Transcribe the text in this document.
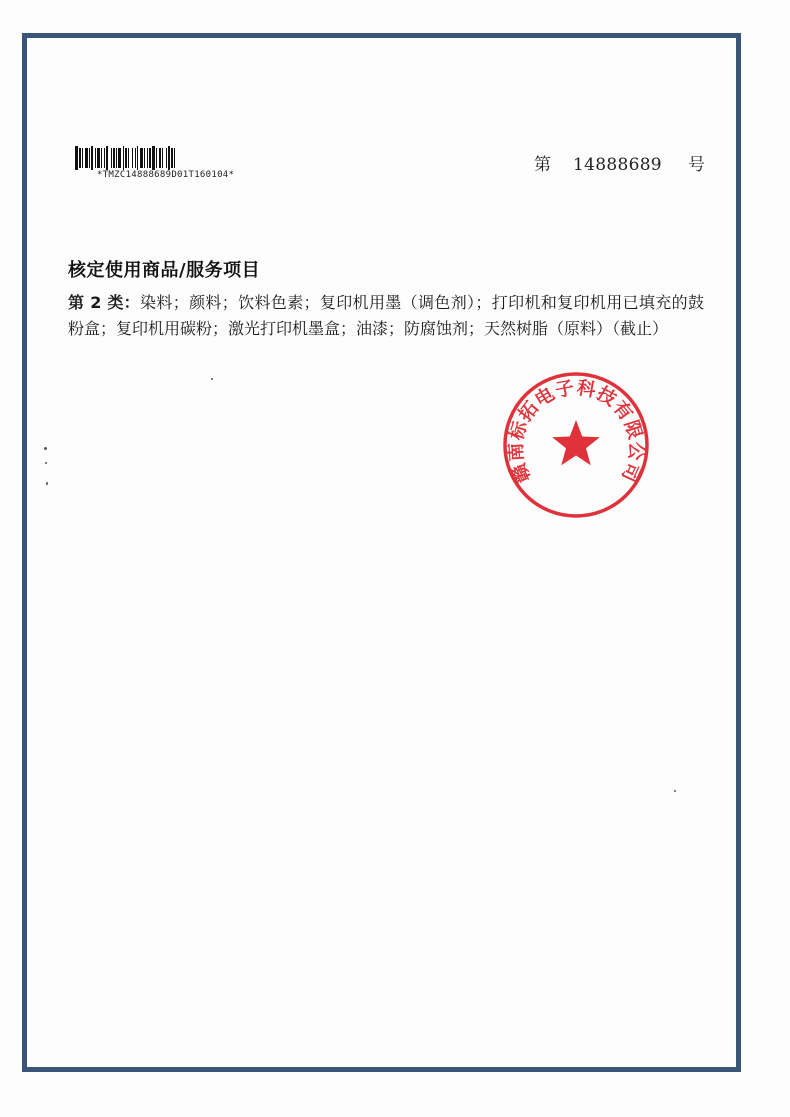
*TMZC14888689D01T160104*	第 14888689 号
核定使用商品/服务项目
第 2 类：染料；颜料；饮料色素；复印机用墨（调色剂）；打印机和复印机用已填充的鼓粉盒；复印机用碳粉；激光打印机墨盒；油漆；防腐蚀剂；天然树脂（原料）（截止）
赣南标拓电子科技有限公司
